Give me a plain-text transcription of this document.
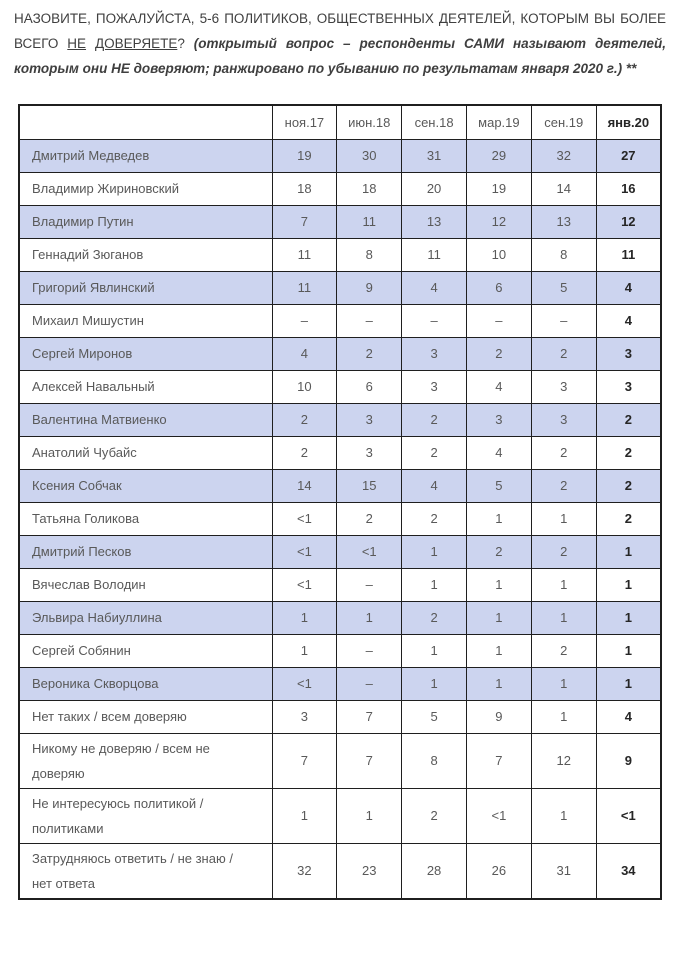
НАЗОВИТЕ, ПОЖАЛУЙСТА, 5-6 ПОЛИТИКОВ, ОБЩЕСТВЕННЫХ ДЕЯТЕЛЕЙ, КОТОРЫМ ВЫ БОЛЕЕ ВСЕГО НЕ ДОВЕРЯЕТЕ? (открытый вопрос – респонденты САМИ называют деятелей, которым они НЕ доверяют; ранжировано по убыванию по результатам января 2020 г.) **

	ноя.17	июн.18	сен.18	мар.19	сен.19	янв.20
Дмитрий Медведев	19	30	31	29	32	27
Владимир Жириновский	18	18	20	19	14	16
Владимир Путин	7	11	13	12	13	12
Геннадий Зюганов	11	8	11	10	8	11
Григорий Явлинский	11	9	4	6	5	4
Михаил Мишустин	–	–	–	–	–	4
Сергей Миронов	4	2	3	2	2	3
Алексей Навальный	10	6	3	4	3	3
Валентина Матвиенко	2	3	2	3	3	2
Анатолий Чубайс	2	3	2	4	2	2
Ксения Собчак	14	15	4	5	2	2
Татьяна Голикова	<1	2	2	1	1	2
Дмитрий Песков	<1	<1	1	2	2	1
Вячеслав Володин	<1	–	1	1	1	1
Эльвира Набиуллина	1	1	2	1	1	1
Сергей Собянин	1	–	1	1	2	1
Вероника Скворцова	<1	–	1	1	1	1
Нет таких / всем доверяю	3	7	5	9	1	4
Никому не доверяю / всем не доверяю	7	7	8	7	12	9
Не интересуюсь политикой / политиками	1	1	2	<1	1	<1
Затрудняюсь ответить / не знаю / нет ответа	32	23	28	26	31	34
